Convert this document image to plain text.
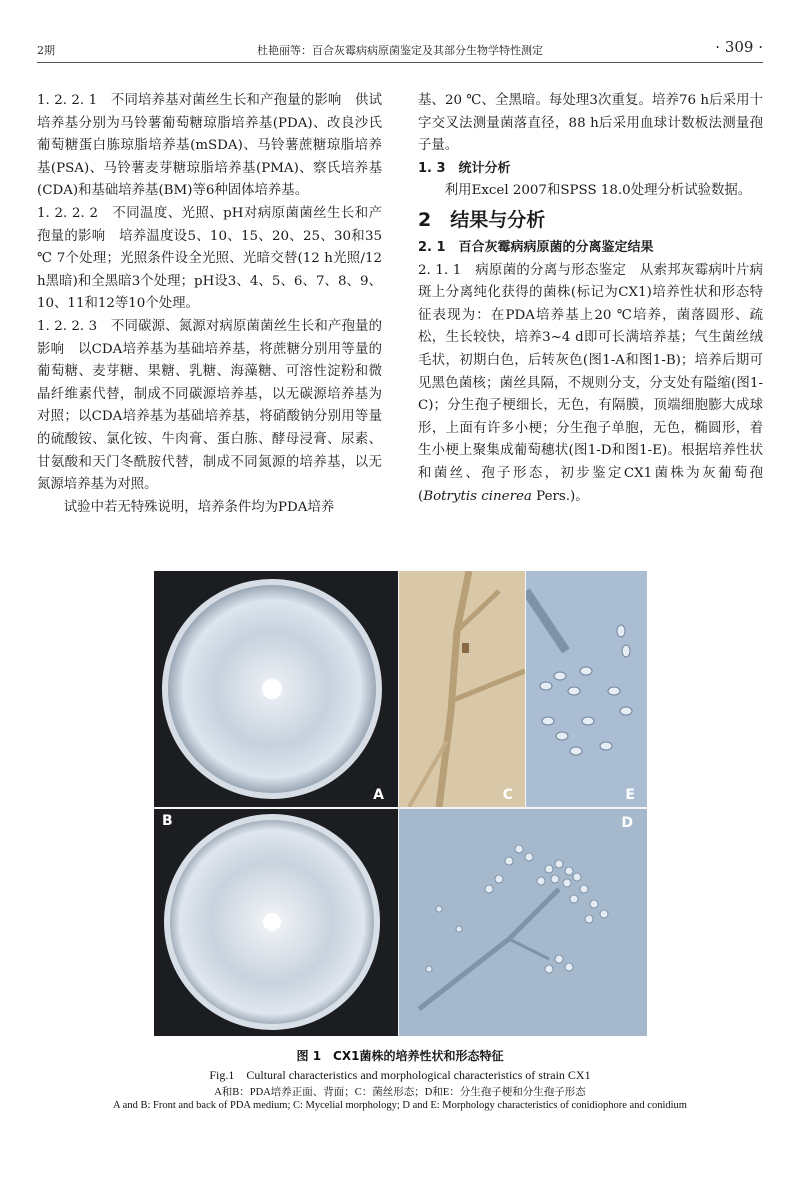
2期	杜艳丽等：百合灰霉病病原菌鉴定及其部分生物学特性测定	· 309 ·

1. 2. 2. 1　不同培养基对菌丝生长和产孢量的影响　供试培养基分别为马铃薯葡萄糖琼脂培养基(PDA)、改良沙氏葡萄糖蛋白胨琼脂培养基(mSDA)、马铃薯蔗糖琼脂培养基(PSA)、马铃薯麦芽糖琼脂培养基(PMA)、察氏培养基(CDA)和基础培养基(BM)等6种固体培养基。

1. 2. 2. 2　不同温度、光照、pH对病原菌菌丝生长和产孢量的影响　培养温度设5、10、15、20、25、30和35 ℃ 7个处理；光照条件设全光照、光暗交替(12 h光照/12 h黑暗)和全黑暗3个处理；pH设3、4、5、6、7、8、9、10、11和12等10个处理。

1. 2. 2. 3　不同碳源、氮源对病原菌菌丝生长和产孢量的影响　以CDA培养基为基础培养基，将蔗糖分别用等量的葡萄糖、麦芽糖、果糖、乳糖、海藻糖、可溶性淀粉和微晶纤维素代替，制成不同碳源培养基，以无碳源培养基为对照；以CDA培养基为基础培养基，将硝酸钠分别用等量的硫酸铵、氯化铵、牛肉膏、蛋白胨、酵母浸膏、尿素、甘氨酸和天门冬酰胺代替，制成不同氮源的培养基，以无氮源培养基为对照。

试验中若无特殊说明，培养条件均为PDA培养

基、20 ℃、全黑暗。每处理3次重复。培养76 h后采用十字交叉法测量菌落直径，88 h后采用血球计数板法测量孢子量。

1. 3　统计分析

利用Excel 2007和SPSS 18.0处理分析试验数据。

2　结果与分析

2. 1　百合灰霉病病原菌的分离鉴定结果

2. 1. 1　病原菌的分离与形态鉴定　从索邦灰霉病叶片病斑上分离纯化获得的菌株(标记为CX1)培养性状和形态特征表现为：在PDA培养基上20 ℃培养，菌落圆形、疏松，生长较快，培养3~4 d即可长满培养基；气生菌丝绒毛状，初期白色，后转灰色(图1-A和图1-B)；培养后期可见黑色菌核；菌丝具隔，不规则分支，分支处有隘缩(图1-C)；分生孢子梗细长，无色，有隔膜，顶端细胞膨大成球形，上面有许多小梗；分生孢子单胞，无色，椭圆形，着生小梗上聚集成葡萄穗状(图1-D和图1-E)。根据培养性状和菌丝、孢子形态，初步鉴定CX1菌株为灰葡萄孢(Botrytis cinerea Pers.)。

A
B
C	E
D
图 1　CX1菌株的培养性状和形态特征
Fig.1　Cultural characteristics and morphological characteristics of strain CX1
A和B：PDA培养正面、背面；C：菌丝形态；D和E：分生孢子梗和分生孢子形态
A and B: Front and back of PDA medium; C: Mycelial morphology; D and E: Morphology characteristics of conidiophore and conidium
